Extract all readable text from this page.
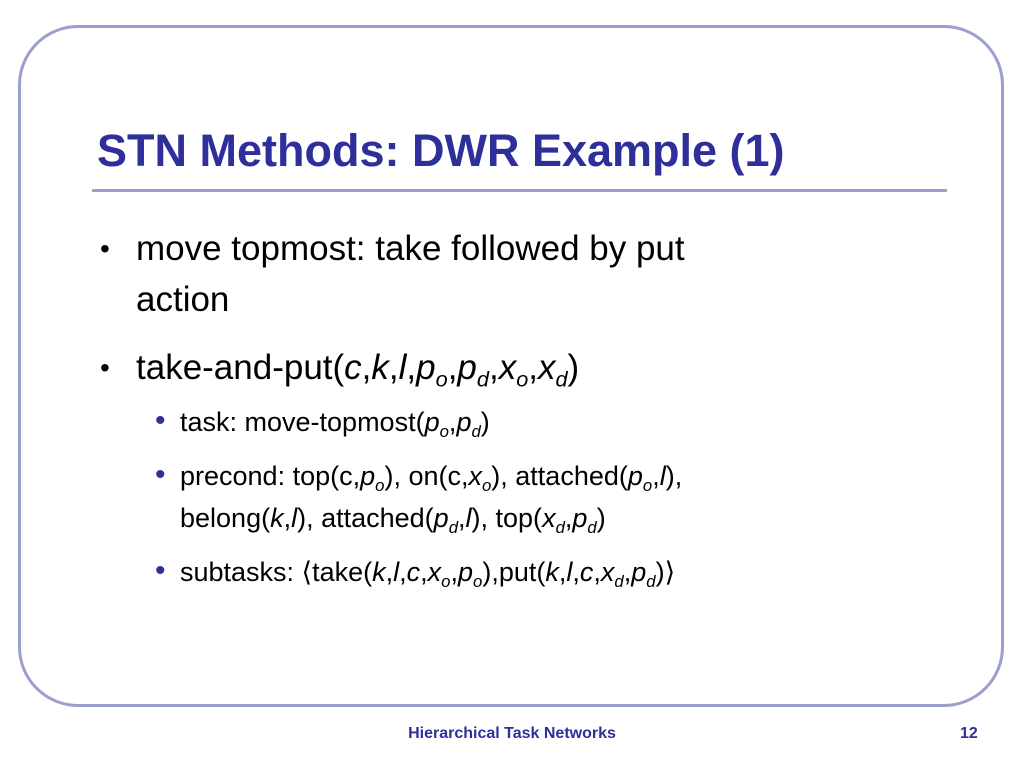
STN Methods: DWR Example (1)
• move topmost: take followed by put
action
• take-$and-put(c,k,l,p_o,p_d,x_o,x_d)$
• task: move-$topmost(p_o,p_d)$
• precond: $top(c,p_o)$, $on(c,x_o)$, $attached(p_o,l)$,
belong(k,l), $attached(p_d,l)$, $top(x_d,p_d)$
• subtasks: $⟨take(k,l,c,x_o,p_o),put(k,l,c,x_d,p_d)⟩$
Hierarchical Task Networks	12
